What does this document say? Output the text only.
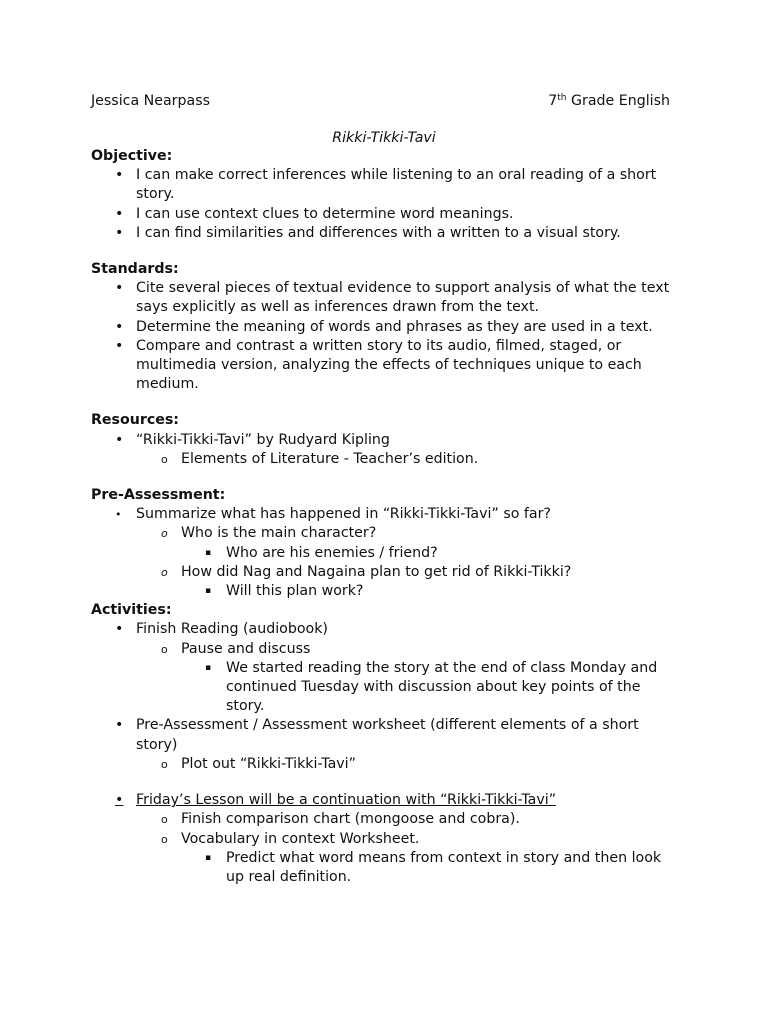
Jessica Nearpass	7th Grade English
Rikki-Tikki-Tavi

Objective:

• I can make correct inferences while listening to an oral reading of a short story.
• I can use context clues to determine word meanings.
• I can find similarities and differences with a written to a visual story.

Standards:

• Cite several pieces of textual evidence to support analysis of what the text says explicitly as well as inferences drawn from the text.
• Determine the meaning of words and phrases as they are used in a text.
• Compare and contrast a written story to its audio, filmed, staged, or multimedia version, analyzing the effects of techniques unique to each medium.

Resources:

• “Rikki-Tikki-Tavi” by Rudyard Kipling
o Elements of Literature - Teacher’s edition.

Pre-Assessment:

• Summarize what has happened in “Rikki-Tikki-Tavi” so far?
o Who is the main character?
▪ Who are his enemies / friend?
o How did Nag and Nagaina plan to get rid of Rikki-Tikki?
▪ Will this plan work?

Activities:

• Finish Reading (audiobook)
o Pause and discuss
▪ We started reading the story at the end of class Monday and continued Tuesday with discussion about key points of the story.
• Pre-Assessment / Assessment worksheet (different elements of a short story)
o Plot out “Rikki-Tikki-Tavi”
• Friday’s Lesson will be a continuation with “Rikki-Tikki-Tavi”
o Finish comparison chart (mongoose and cobra).
o Vocabulary in context Worksheet.
▪ Predict what word means from context in story and then look up real definition.
